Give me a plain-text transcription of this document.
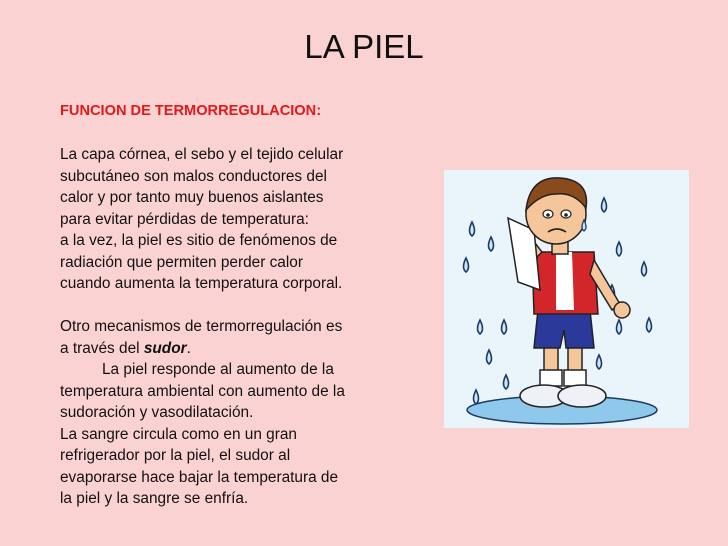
LA PIEL
FUNCION DE TERMORREGULACION:
La capa córnea, el sebo y el tejido celular
subcutáneo son malos conductores del
calor y por tanto muy buenos aislantes
para evitar pérdidas de temperatura:
a la vez, la piel es sitio de fenómenos de
radiación que permiten perder calor
cuando aumenta la temperatura corporal.
Otro mecanismos de termorregulación es
a través del sudor.
La piel responde al aumento de la
temperatura ambiental con aumento de la
sudoración y vasodilatación.
La sangre circula como en un gran
refrigerador por la piel, el sudor al
evaporarse hace bajar la temperatura de
la piel y la sangre se enfría.
